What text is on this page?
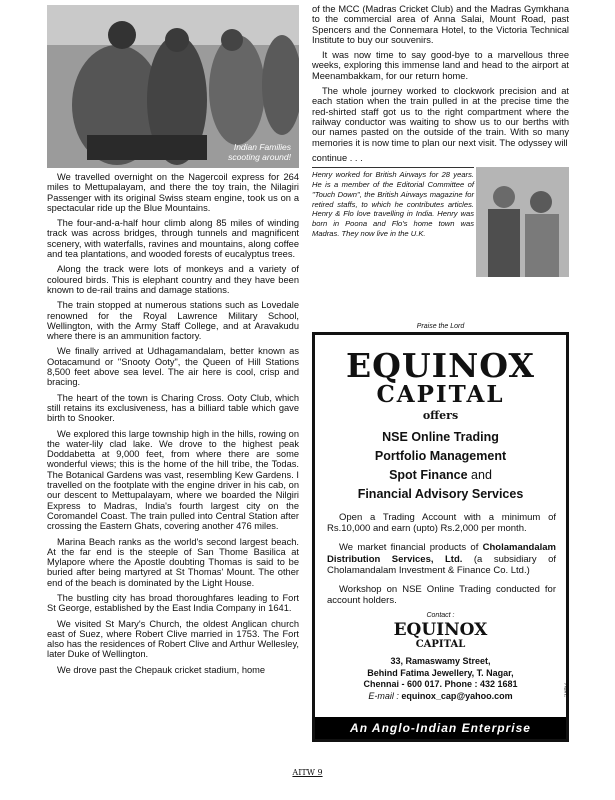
Indian Families
scooting around!

We travelled overnight on the Nagercoil express for 264 miles to Mettupalayam, and there the toy train, the Nilagiri Passenger with its original Swiss steam engine, took us on a spectacular ride up the Blue Mountains.

The four-and-a-half hour climb along 85 miles of winding track was across bridges, through tunnels and magnificent scenery, with waterfalls, ravines and mountains, along coffee and tea plantations, and wooded forests of eucalyptus trees.

Along the track were lots of monkeys and a variety of coloured birds. This is elephant country and they have been known to de-rail trains and damage stations.

The train stopped at numerous stations such as Lovedale renowned for the Royal Lawrence Military School, Wellington, with the Army Staff College, and at Aravakudu where there is an ammunition factory.

We finally arrived at Udhagamandalam, better known as Ootacamund or "Snooty Ooty", the Queen of Hill Stations 8,500 feet above sea level. The air here is cool, crisp and bracing.

The heart of the town is Charing Cross. Ooty Club, which still retains its exclusiveness, has a billiard table which gave birth to Snooker.

We explored this large township high in the hills, rowing on the water-lily clad lake. We drove to the highest peak Doddabetta at 9,000 feet, from where there are some wonderful views; this is the home of the hill tribe, the Todas. The Botanical Gardens was vast, resembling Kew Gardens. I travelled on the footplate with the engine driver in his cab, on our descent to Mettupalayam, where we boarded the Nilgiri Express to Madras, India's fourth largest city on the Coromandel Coast. The train pulled into Central Station after crossing the Eastern Ghats, covering another 476 miles.

Marina Beach ranks as the world's second largest beach. At the far end is the steeple of San Thome Basilica at Mylapore where the Apostle doubting Thomas is said to be buried after being martyred at St Thomas' Mount. The other end of the beach is dominated by the Light House.

The bustling city has broad thoroughfares leading to Fort St George, established by the East India Company in 1641.

We visited St Mary's Church, the oldest Anglican church east of Suez, where Robert Clive married in 1753. The Fort also has the residences of Robert Clive and Arthur Wellesley, later Duke of Wellington.

We drove past the Chepauk cricket stadium, home

of the MCC (Madras Cricket Club) and the Madras Gymkhana to the commercial area of Anna Salai, Mount Road, past Spencers and the Connemara Hotel, to the Victoria Technical Institute to buy our souvenirs.

It was now time to say good-bye to a marvellous three weeks, exploring this immense land and head to the airport at Meenambakkam, for our return home.

The whole journey worked to clockwork precision and at each station when the train pulled in at the precise time the red-shirted staff got us to the right compartment where the railway conductor was waiting to show us to our berths with our names pasted on the outside of the train. With so many memories it is now time to plan our next visit. The odyssey will

continue . . .

Henry worked for British Airways for 28 years. He is a member of the Editorial Committee of "Touch Down", the British Airways magazine for retired staffs, to which he contributes articles. Henry & Flo love travelling in India. Henry was born in Poona and Flo's home town was Madras. They now live in the U.K.
Praise the Lord
EQUINOX
CAPITAL
offers
NSE Online Trading
Portfolio Management
Spot Finance and
Financial Advisory Services

Open a Trading Account with a minimum of Rs.10,000 and earn (upto) Rs.2,000 per month.

We market financial products of Cholamandalam Distribution Services, Ltd. (a subsidiary of Cholamandalam Investment & Finance Co. Ltd.)

Workshop on NSE Online Trading conducted for account holders.

Contact :
EQUINOX
CAPITAL
33, Ramaswamy Street,
Behind Fatima Jewellery, T. Nagar,
Chennai - 600 017. Phone : 432 1681
E-mail : equinox_cap@yahoo.com	Advt.
An Anglo-Indian Enterprise
AITW 9
